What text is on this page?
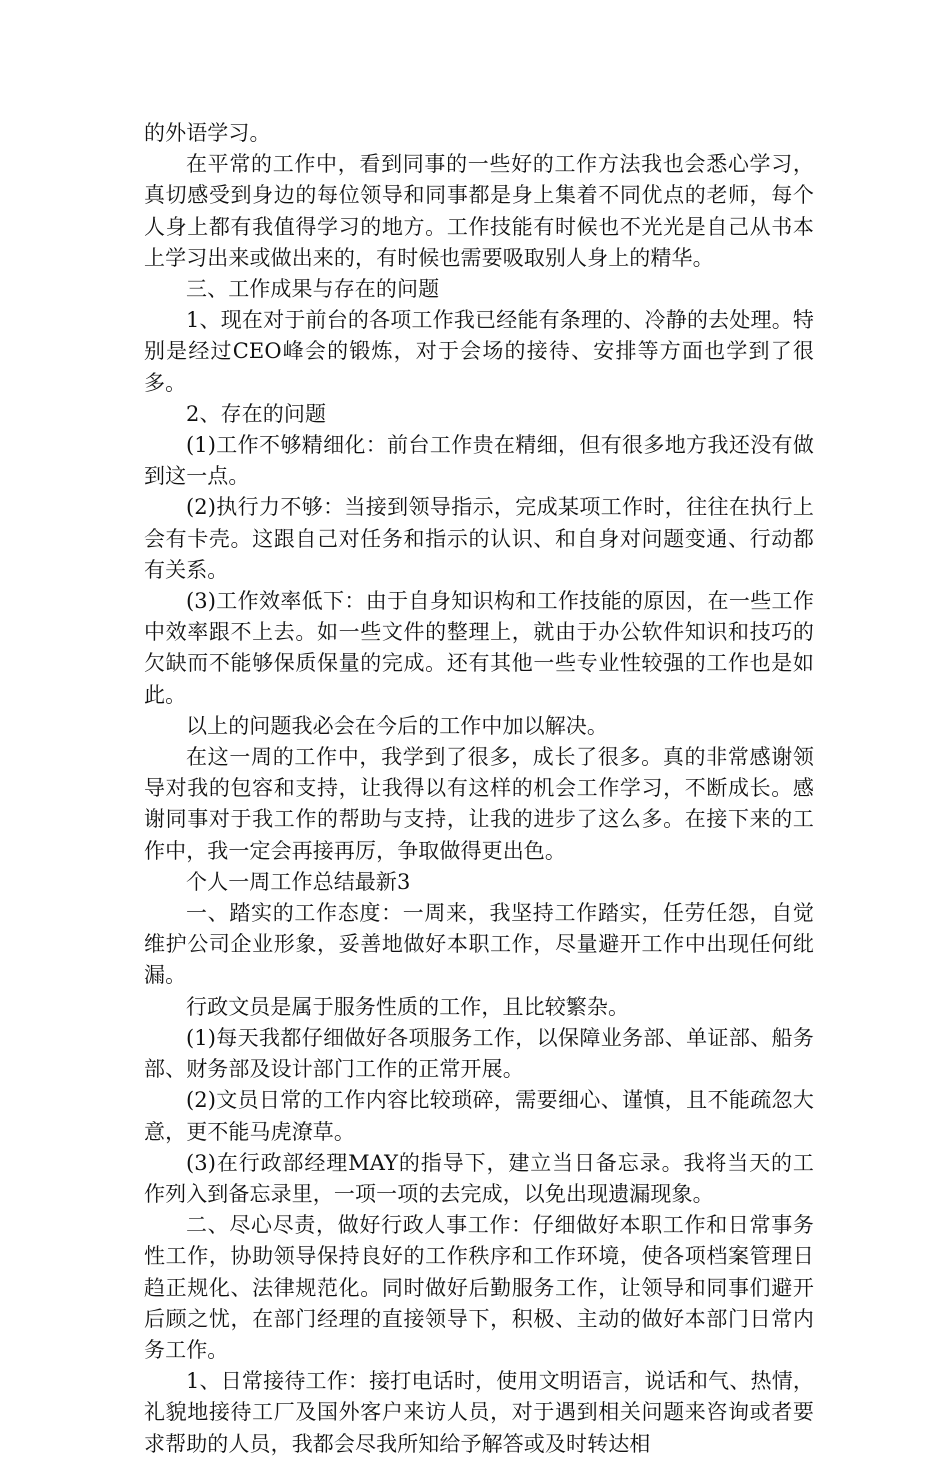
的外语学习。

在平常的工作中，看到同事的一些好的工作方法我也会悉心学习，真切感受到身边的每位领导和同事都是身上集着不同优点的老师，每个人身上都有我值得学习的地方。工作技能有时候也不光光是自己从书本上学习出来或做出来的，有时候也需要吸取别人身上的精华。

三、工作成果与存在的问题

1、现在对于前台的各项工作我已经能有条理的、冷静的去处理。特别是经过CEO峰会的锻炼，对于会场的接待、安排等方面也学到了很多。

2、存在的问题

(1)工作不够精细化：前台工作贵在精细，但有很多地方我还没有做到这一点。

(2)执行力不够：当接到领导指示，完成某项工作时，往往在执行上会有卡壳。这跟自己对任务和指示的认识、和自身对问题变通、行动都有关系。

(3)工作效率低下：由于自身知识构和工作技能的原因，在一些工作中效率跟不上去。如一些文件的整理上，就由于办公软件知识和技巧的欠缺而不能够保质保量的完成。还有其他一些专业性较强的工作也是如此。

以上的问题我必会在今后的工作中加以解决。

在这一周的工作中，我学到了很多，成长了很多。真的非常感谢领导对我的包容和支持，让我得以有这样的机会工作学习，不断成长。感谢同事对于我工作的帮助与支持，让我的进步了这么多。在接下来的工作中，我一定会再接再厉，争取做得更出色。

个人一周工作总结最新3

一、踏实的工作态度：一周来，我坚持工作踏实，任劳任怨，自觉维护公司企业形象，妥善地做好本职工作，尽量避开工作中出现任何纰漏。

行政文员是属于服务性质的工作，且比较繁杂。

(1)每天我都仔细做好各项服务工作，以保障业务部、单证部、船务部、财务部及设计部门工作的正常开展。

(2)文员日常的工作内容比较琐碎，需要细心、谨慎，且不能疏忽大意，更不能马虎潦草。

(3)在行政部经理MAY的指导下，建立当日备忘录。我将当天的工作列入到备忘录里，一项一项的去完成，以免出现遗漏现象。

二、尽心尽责，做好行政人事工作：仔细做好本职工作和日常事务性工作，协助领导保持良好的工作秩序和工作环境，使各项档案管理日趋正规化、法律规范化。同时做好后勤服务工作，让领导和同事们避开后顾之忧，在部门经理的直接领导下，积极、主动的做好本部门日常内务工作。

1、日常接待工作：接打电话时，使用文明语言，说话和气、热情，礼貌地接待工厂及国外客户来访人员，对于遇到相关问题来咨询或者要求帮助的人员，我都会尽我所知给予解答或及时转达相
